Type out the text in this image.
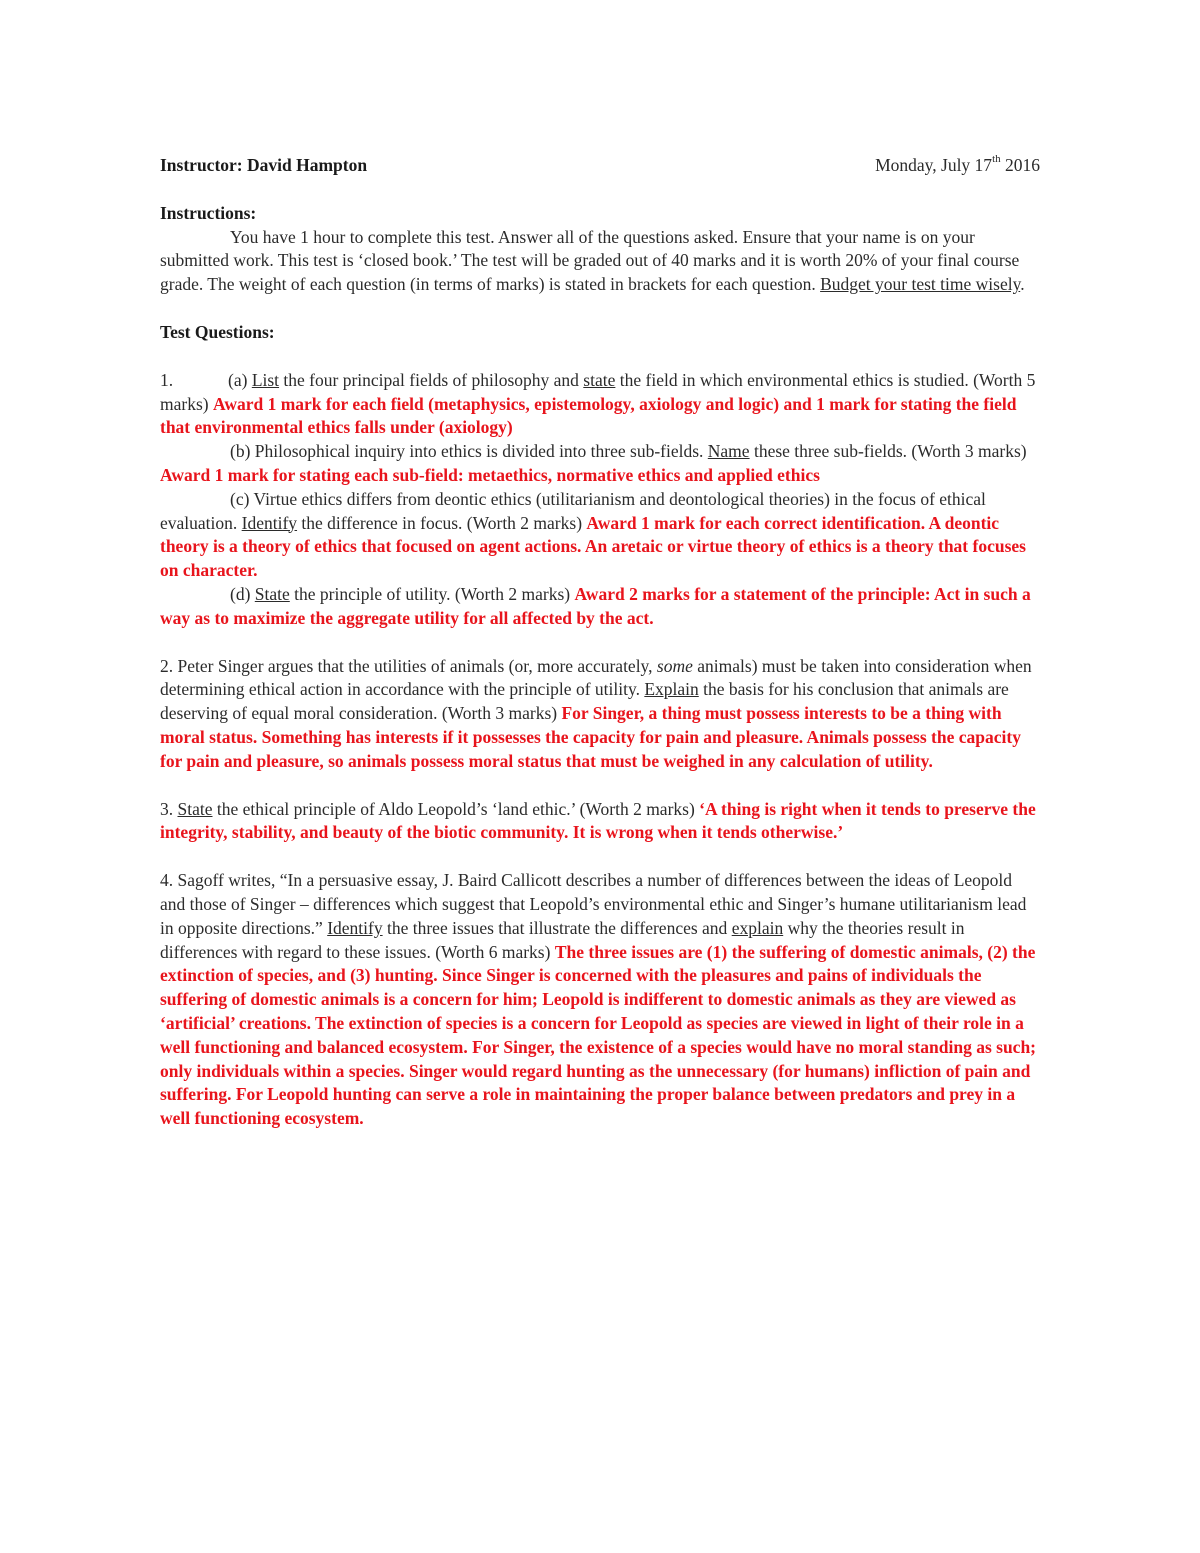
Instructor: David Hampton	Monday, July 17th 2016

Instructions:

You have 1 hour to complete this test. Answer all of the questions asked. Ensure that your name is on your submitted work. This test is ‘closed book.’ The test will be graded out of 40 marks and it is worth 20% of your final course grade. The weight of each question (in terms of marks) is stated in brackets for each question. Budget your test time wisely.

Test Questions:

1.	(a) List the four principal fields of philosophy and state the field in which environmental ethics is studied. (Worth 5 marks) Award 1 mark for each field (metaphysics, epistemology, axiology and logic) and 1 mark for stating the field that environmental ethics falls under (axiology)

(b) Philosophical inquiry into ethics is divided into three sub-fields. Name these three sub-fields. (Worth 3 marks) Award 1 mark for stating each sub-field: metaethics, normative ethics and applied ethics

(c) Virtue ethics differs from deontic ethics (utilitarianism and deontological theories) in the focus of ethical evaluation. Identify the difference in focus. (Worth 2 marks) Award 1 mark for each correct identification. A deontic theory is a theory of ethics that focused on agent actions. An aretaic or virtue theory of ethics is a theory that focuses on character.

(d) State the principle of utility. (Worth 2 marks) Award 2 marks for a statement of the principle: Act in such a way as to maximize the aggregate utility for all affected by the act.

2. Peter Singer argues that the utilities of animals (or, more accurately, some animals) must be taken into consideration when determining ethical action in accordance with the principle of utility. Explain the basis for his conclusion that animals are deserving of equal moral consideration. (Worth 3 marks) For Singer, a thing must possess interests to be a thing with moral status. Something has interests if it possesses the capacity for pain and pleasure. Animals possess the capacity for pain and pleasure, so animals possess moral status that must be weighed in any calculation of utility.

3. State the ethical principle of Aldo Leopold’s ‘land ethic.’ (Worth 2 marks) ‘A thing is right when it tends to preserve the integrity, stability, and beauty of the biotic community. It is wrong when it tends otherwise.’

4. Sagoff writes, “In a persuasive essay, J. Baird Callicott describes a number of differences between the ideas of Leopold and those of Singer – differences which suggest that Leopold’s environmental ethic and Singer’s humane utilitarianism lead in opposite directions.” Identify the three issues that illustrate the differences and explain why the theories result in differences with regard to these issues. (Worth 6 marks) The three issues are (1) the suffering of domestic animals, (2) the extinction of species, and (3) hunting. Since Singer is concerned with the pleasures and pains of individuals the suffering of domestic animals is a concern for him; Leopold is indifferent to domestic animals as they are viewed as ‘artificial’ creations. The extinction of species is a concern for Leopold as species are viewed in light of their role in a well functioning and balanced ecosystem. For Singer, the existence of a species would have no moral standing as such; only individuals within a species. Singer would regard hunting as the unnecessary (for humans) infliction of pain and suffering. For Leopold hunting can serve a role in maintaining the proper balance between predators and prey in a well functioning ecosystem.
